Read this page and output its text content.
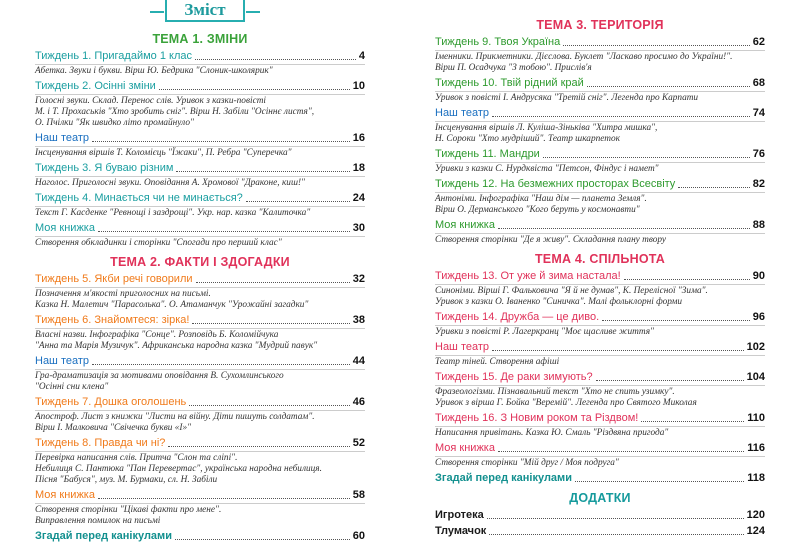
Зміст
ТЕМА 1. ЗМІНИ
Тиждень 1. Пригадаймо 1 клас	4
Абетка. Звуки і букви. Вірш Ю. Бедрика "Слоник-школярик"
Тиждень 2. Осінні зміни	10
Голосні звуки. Склад. Перенос слів. Уривок з казки-повісті
М. і Т. Прохаськів "Хто зробить сніг". Вірш Н. Забіли "Осіннє листя",
О. Пчілки "Як швидко літо промайнуло"
Наш театр	16
Інсценування віршів Т. Коломієць "Їжаки", П. Ребра "Суперечка"
Тиждень 3. Я буваю різним	18
Наголос. Приголосні звуки. Оповідання А. Хромової "Драконе, киш!"
Тиждень 4. Минається чи не минається?	24
Текст Г. Касденке "Ревнощі і заздрощі". Укр. нар. казка "Калиточка"
Моя книжка	30
Створення обкладинки і сторінки "Спогади про перший клас"
ТЕМА 2. ФАКТИ І ЗДОГАДКИ
Тиждень 5. Якби речі говорили	32
Позначення м'якості приголосних на письмі.
Казка Н. Малетич "Парасолька". О. Атаманчук "Урожайні загадки"
Тиждень 6. Знайомтеся: зірка!	38
Власні назви. Інфографіка "Сонце". Розповідь Б. Коломійчука
"Анна та Марія Музичук". Африканська народна казка "Мудрий павук"
Наш театр	44
Гра-драматизація за мотивами оповідання В. Сухомлинського
"Осінні сни клена"
Тиждень 7. Дошка оголошень	46
Апостроф. Лист з книжки "Листи на війну. Діти пишуть солдатам".
Вірш І. Малковича "Свічечка букви «І»"
Тиждень 8. Правда чи ні?	52
Перевірка написання слів. Притча "Слон та сліпі".
Небилиця С. Пантюка "Пан Перевертас", українська народна небилиця.
Пісня "Бабуся", муз. М. Бурмаки, сл. Н. Забіли
Моя книжка	58
Створення сторінки "Цікаві факти про мене".
Виправлення помилок на письмі
Згадай перед канікулами	60
ТЕМА 3. ТЕРИТОРІЯ
Тиждень 9. Твоя Україна	62
Іменники. Прикметники. Дієслова. Буклет "Ласкаво просимо до України!".
Вірш П. Осадчука "З тобою". Прислів'я
Тиждень 10. Твій рідний край	68
Уривок з повісті І. Андрусяка "Третій сніг". Легенда про Карпати
Наш театр	74
Інсценування віршів Л. Куліша-Зіньківа "Хитра мишка",
Н. Сороки "Хто мудріший". Театр шкарпеток
Тиждень 11. Мандри	76
Уривки з казки С. Нурдквіста "Петсон, Фіндус і намет"
Тиждень 12. На безмежних просторах Всесвіту	82
Антоніми. Інфографіка "Наш дім — планета Земля".
Вірш О. Дерманського "Кого беруть у космонавти"
Моя книжка	88
Створення сторінки "Де я живу". Складання плану твору
ТЕМА 4. СПІЛЬНОТА
Тиждень 13. От уже й зима настала!	90
Синоніми. Вірші Г. Фальковича "Я й не думав", К. Перелісної "Зима".
Уривок з казки О. Іваненко "Синичка". Малі фольклорні форми
Тиждень 14. Дружба — це диво.	96
Уривки з повісті Р. Лагеркранц "Моє щасливе життя"
Наш театр	102
Театр тіней. Створення афіші
Тиждень 15. Де раки зимують?	104
Фразеологізми. Пізнавальний текст "Хто не спить узимку".
Уривок з вірша Г. Бойка "Веремій". Легенда про Святого Миколая
Тиждень 16. З Новим роком та Різдвом!	110
Написання привітань. Казка Ю. Смаль "Різдвяна пригода"
Моя книжка	116
Створення сторінки "Мій друг / Моя подруга"
Згадай перед канікулами	118
ДОДАТКИ
Игротека	120
Тлумачок	124
